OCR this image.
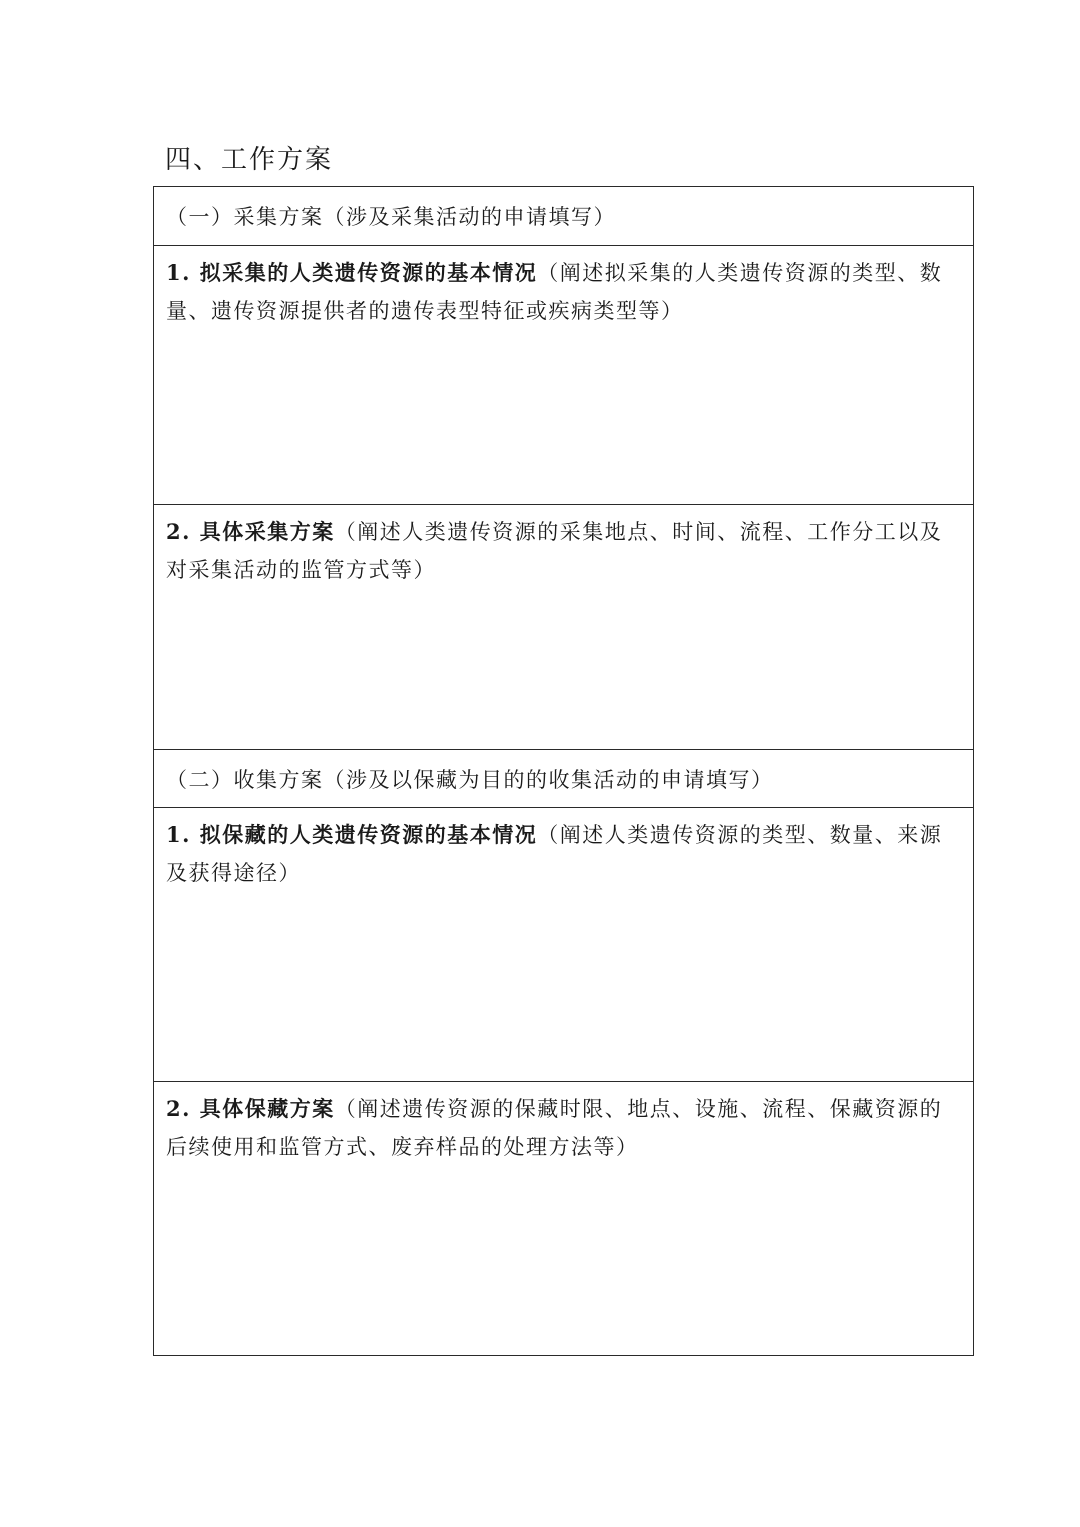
四、工作方案
（一）采集方案（涉及采集活动的申请填写）
1. 拟采集的人类遗传资源的基本情况（阐述拟采集的人类遗传资源的类型、数量、遗传资源提供者的遗传表型特征或疾病类型等）
2. 具体采集方案（阐述人类遗传资源的采集地点、时间、流程、工作分工以及对采集活动的监管方式等）
（二）收集方案（涉及以保藏为目的的收集活动的申请填写）
1. 拟保藏的人类遗传资源的基本情况（阐述人类遗传资源的类型、数量、来源及获得途径）
2. 具体保藏方案（阐述遗传资源的保藏时限、地点、设施、流程、保藏资源的后续使用和监管方式、废弃样品的处理方法等）
